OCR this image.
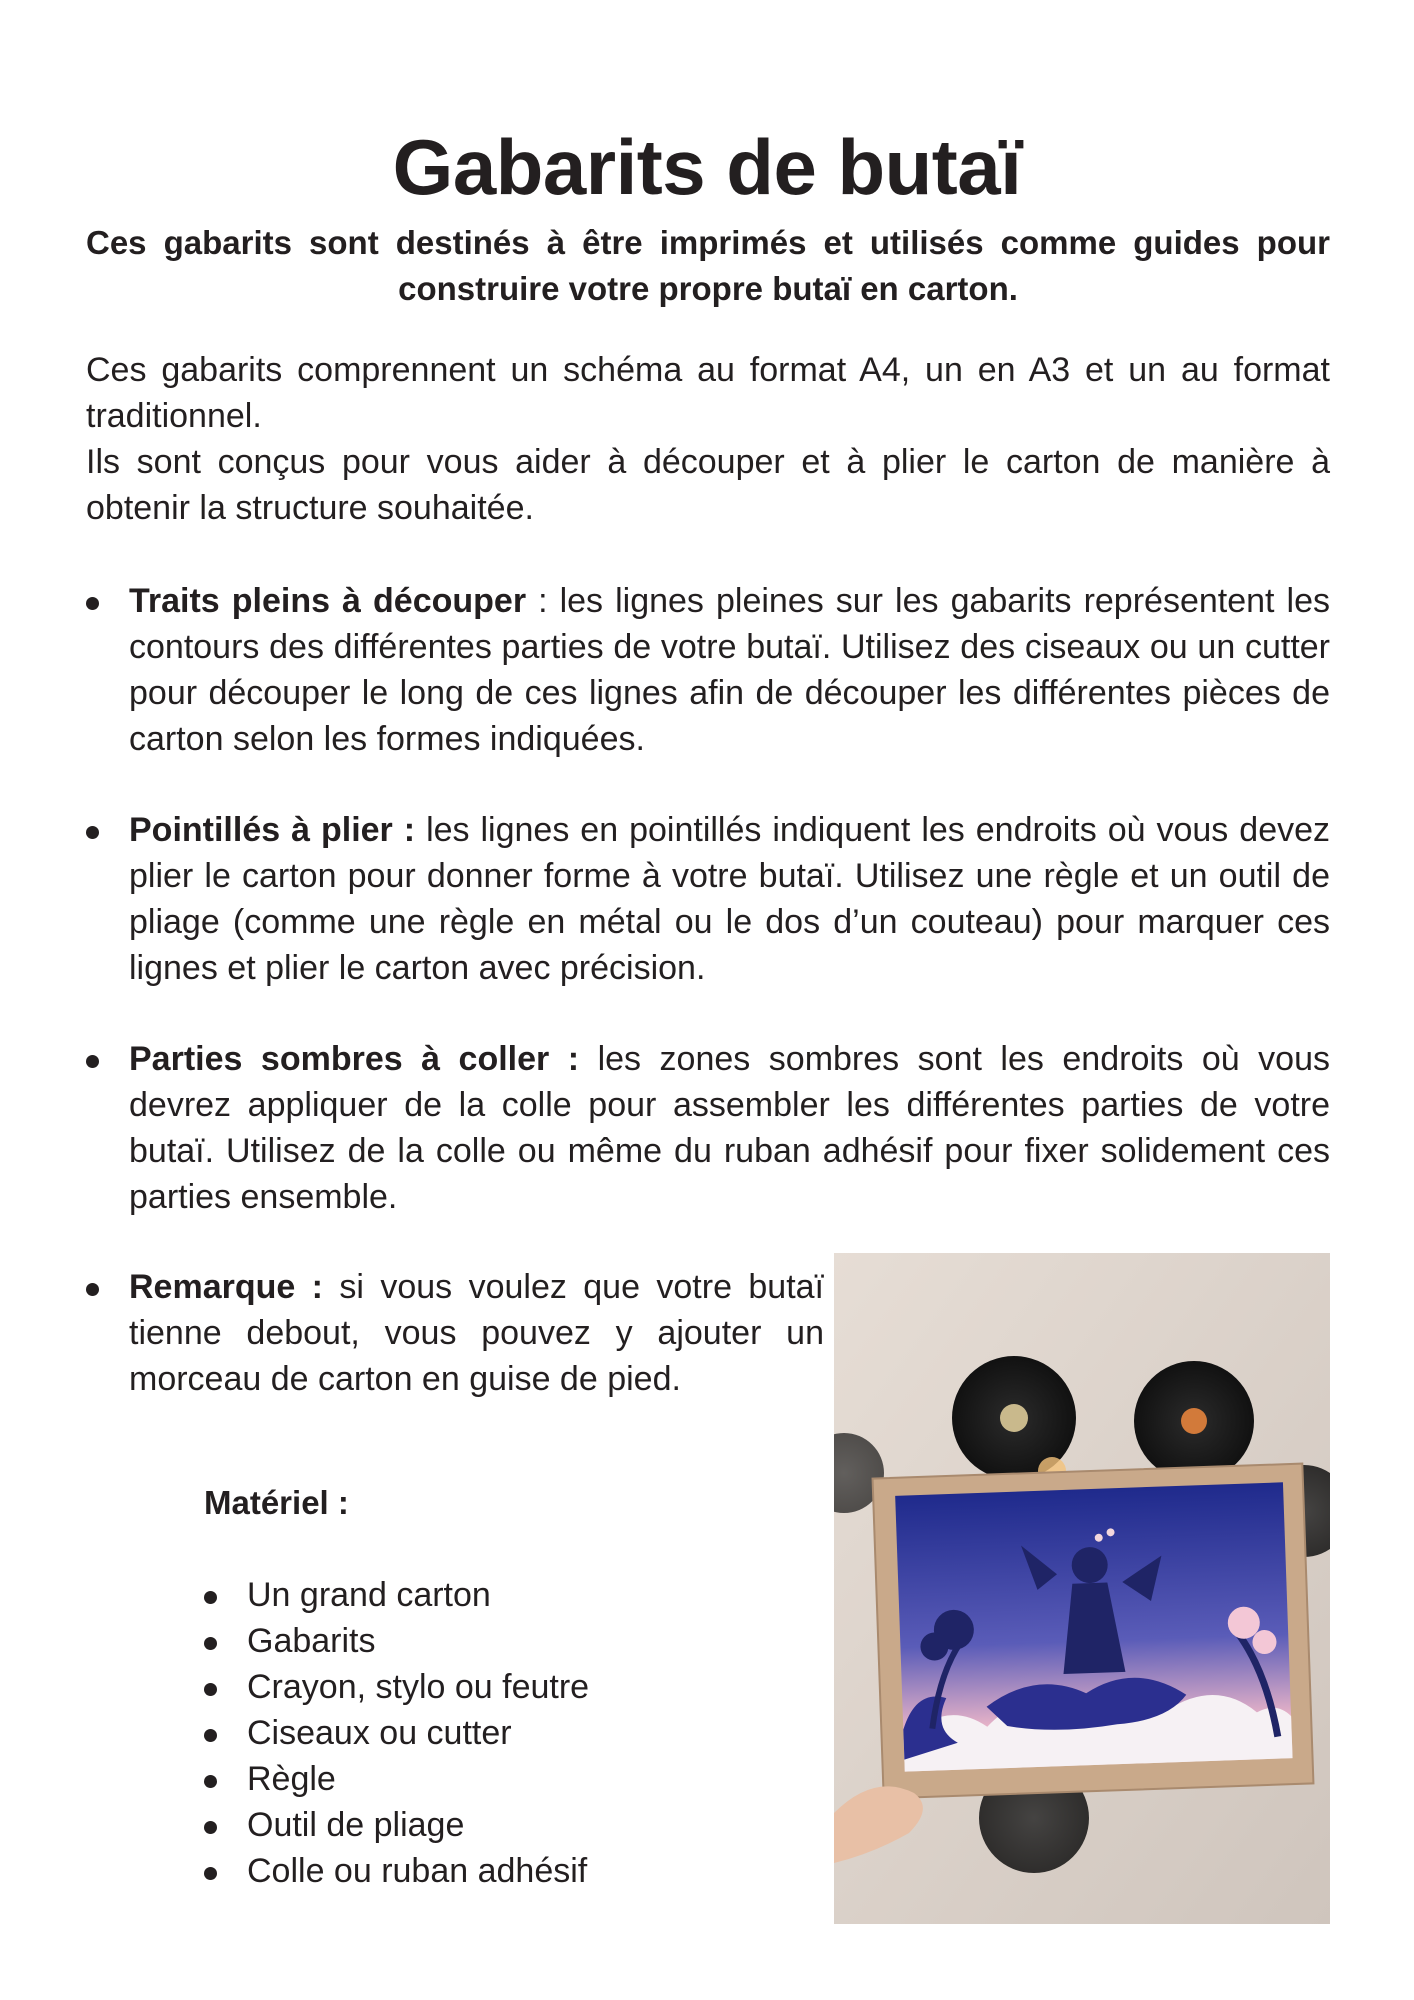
Gabarits de butaï
Ces gabarits sont destinés à être imprimés et utilisés comme guides pour construire votre propre butaï en carton.

Ces gabarits comprennent un schéma au format A4, un en A3 et un au format traditionnel.

Ils sont conçus pour vous aider à découper et à plier le carton de manière à obtenir la structure souhaitée.

Traits pleins à découper : les lignes pleines sur les gabarits représentent les contours des différentes parties de votre butaï. Utilisez des ciseaux ou un cutter pour découper le long de ces lignes afin de découper les différentes pièces de carton selon les formes indiquées.
Pointillés à plier : les lignes en pointillés indiquent les endroits où vous devez plier le carton pour donner forme à votre butaï. Utilisez une règle et un outil de pliage (comme une règle en métal ou le dos d’un couteau) pour marquer ces lignes et plier le carton avec précision.
Parties sombres à coller : les zones sombres sont les endroits où vous devrez appliquer de la colle pour assembler les différentes parties de votre butaï. Utilisez de la colle ou même du ruban adhésif pour fixer solidement ces parties ensemble.
Remarque : si vous voulez que votre butaï tienne debout, vous pouvez y ajouter un morceau de carton en guise de pied.
Matériel :
Un grand carton
Gabarits
Crayon, stylo ou feutre
Ciseaux ou cutter
Règle
Outil de pliage
Colle ou ruban adhésif
